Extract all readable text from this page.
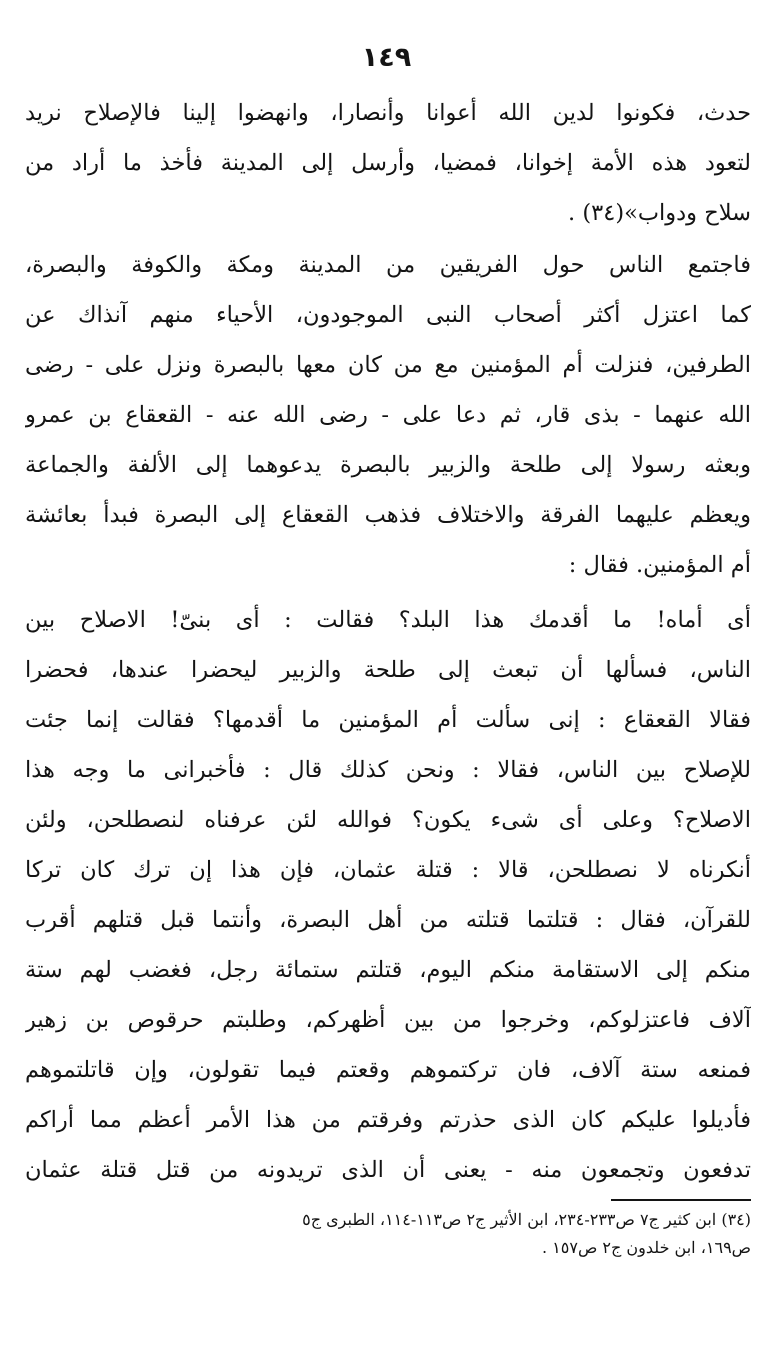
١٤٩
حدث، فكونوا لدين الله أعوانا وأنصارا، وانهضوا إلينا فالإصلاح نريد
لتعود هذه الأمة إخوانا، فمضيا، وأرسل إلى المدينة فأخذ ما أراد من
سلاح ودواب»(٣٤) .
فاجتمع الناس حول الفريقين من المدينة ومكة والكوفة والبصرة،
كما اعتزل أكثر أصحاب النبى الموجودون، الأحياء منهم آنذاك عن
الطرفين، فنزلت أم المؤمنين مع من كان معها بالبصرة ونزل على - رضى
الله عنهما - بذى قار، ثم دعا على - رضى الله عنه - القعقاع بن عمرو
وبعثه رسولا إلى طلحة والزبير بالبصرة يدعوهما إلى الألفة والجماعة
ويعظم عليهما الفرقة والاختلاف فذهب القعقاع إلى البصرة فبدأ بعائشة
أم المؤمنين. فقال :
أى أماه! ما أقدمك هذا البلد؟ فقالت : أى بنىّ! الاصلاح بين
الناس، فسألها أن تبعث إلى طلحة والزبير ليحضرا عندها، فحضرا
فقالا القعقاع : إنى سألت أم المؤمنين ما أقدمها؟ فقالت إنما جئت
للإصلاح بين الناس، فقالا : ونحن كذلك قال : فأخبرانى ما وجه هذا
الاصلاح؟ وعلى أى شىء يكون؟ فوالله لئن عرفناه لنصطلحن، ولئن
أنكرناه لا نصطلحن، قالا : قتلة عثمان، فإن هذا إن ترك كان تركا
للقرآن، فقال : قتلتما قتلته من أهل البصرة، وأنتما قبل قتلهم أقرب
منكم إلى الاستقامة منكم اليوم، قتلتم ستمائة رجل، فغضب لهم ستة
آلاف فاعتزلوكم، وخرجوا من بين أظهركم، وطلبتم حرقوص بن زهير
فمنعه ستة آلاف، فان تركتموهم وقعتم فيما تقولون، وإن قاتلتموهم
فأديلوا عليكم كان الذى حذرتم وفرقتم من هذا الأمر أعظم مما أراكم
تدفعون وتجمعون منه - يعنى أن الذى تريدونه من قتل قتلة عثمان
(٣٤) ابن كثير ج٧ ص٢٣٣-٢٣٤، ابن الأثير ج٢ ص١١٣-١١٤، الطبرى ج٥
ص١٦٩، ابن خلدون ج٢ ص١٥٧ .
